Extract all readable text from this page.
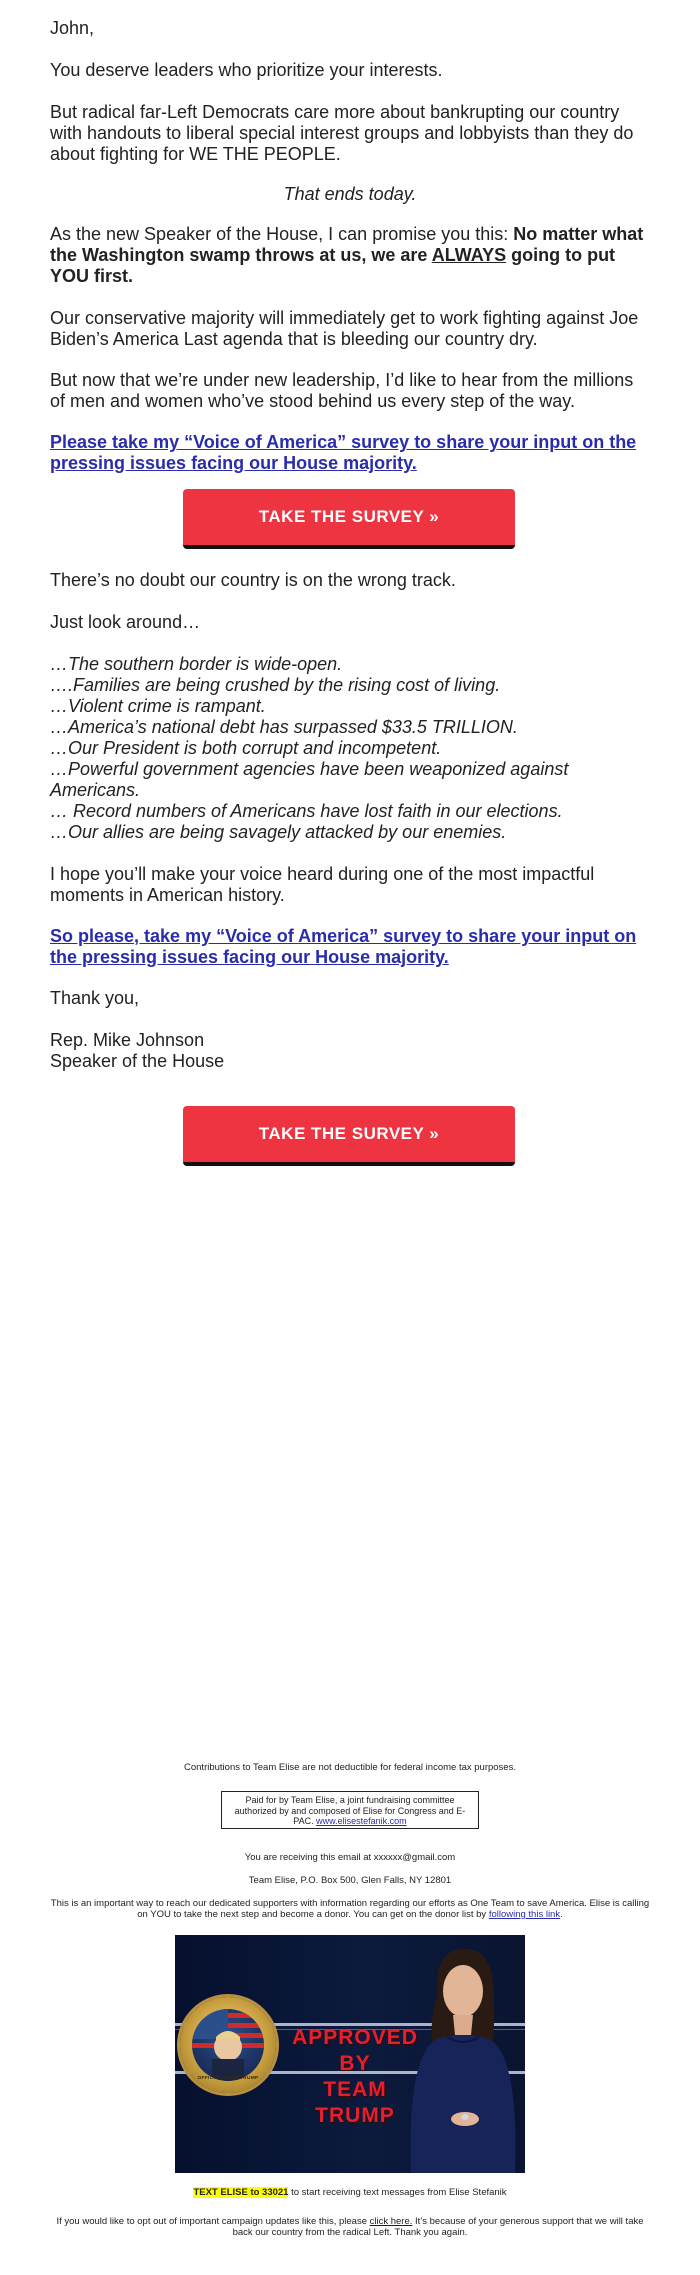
John,

You deserve leaders who prioritize your interests.

But radical far-Left Democrats care more about bankrupting our country with handouts to liberal special interest groups and lobbyists than they do about fighting for WE THE PEOPLE.

That ends today.

As the new Speaker of the House, I can promise you this: No matter what the Washington swamp throws at us, we are ALWAYS going to put YOU first.

Our conservative majority will immediately get to work fighting against Joe Biden’s America Last agenda that is bleeding our country dry.

But now that we’re under new leadership, I’d like to hear from the millions of men and women who’ve stood behind us every step of the way.

Please take my “Voice of America” survey to share your input on the pressing issues facing our House majority.

There’s no doubt our country is on the wrong track.

Just look around…

…The southern border is wide-open.
….Families are being crushed by the rising cost of living.
…Violent crime is rampant.
…America’s national debt has surpassed $33.5 TRILLION.
…Our President is both corrupt and incompetent.
…Powerful government agencies have been weaponized against Americans.
… Record numbers of Americans have lost faith in our elections.
…Our allies are being savagely attacked by our enemies.

I hope you’ll make your voice heard during one of the most impactful moments in American history.

So please, take my “Voice of America” survey to share your input on the pressing issues facing our House majority.

Thank you,

Rep. Mike Johnson
Speaker of the House

TAKE THE SURVEY »
TAKE THE SURVEY »
Contributions to Team Elise are not deductible for federal income tax purposes.
Paid for by Team Elise, a joint fundraising committee authorized by and composed of Elise for Congress and E-PAC. www.elisestefanik.com
You are receiving this email at xxxxxx@gmail.com
Team Elise, P.O. Box 500, Glen Falls, NY 12801
This is an important way to reach our dedicated supporters with information regarding our efforts as One Team to save America. Elise is calling on YOU to take the next step and become a donor. You can get on the donor list by following this link.
OFFICIAL TEAM TRUMP
APPROVED BY
TEAM TRUMP
TEXT ELISE to 33021 to start receiving text messages from Elise Stefanik
If you would like to opt out of important campaign updates like this, please click here. It’s because of your generous support that we will take back our country from the radical Left. Thank you again.
